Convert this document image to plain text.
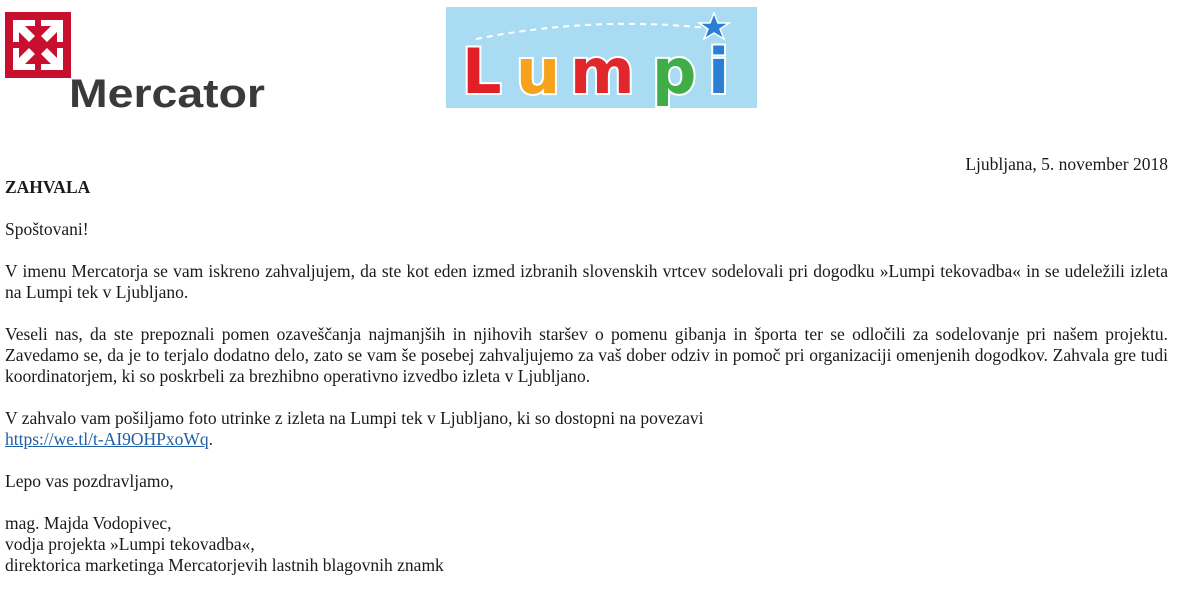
Mercator	L u m p i
Ljubljana, 5. november 2018
ZAHVALA

Spoštovani!

V imenu Mercatorja se vam iskreno zahvaljujem, da ste kot eden izmed izbranih slovenskih vrtcev sodelovali pri dogodku »Lumpi tekovadba« in se udeležili izleta na Lumpi tek v Ljubljano.

Veseli nas, da ste prepoznali pomen ozaveščanja najmanjših in njihovih staršev o pomenu gibanja in športa ter se odločili za sodelovanje pri našem projektu. Zavedamo se, da je to terjalo dodatno delo, zato se vam še posebej zahvaljujemo za vaš dober odziv in pomoč pri organizaciji omenjenih dogodkov. Zahvala gre tudi koordinatorjem, ki so poskrbeli za brezhibno operativno izvedbo izleta v Ljubljano.

V zahvalo vam pošiljamo foto utrinke z izleta na Lumpi tek v Ljubljano, ki so dostopni na povezavi
https://we.tl/t-AI9OHPxoWq.

Lepo vas pozdravljamo,

mag. Majda Vodopivec,
vodja projekta »Lumpi tekovadba«,
direktorica marketinga Mercatorjevih lastnih blagovnih znamk
